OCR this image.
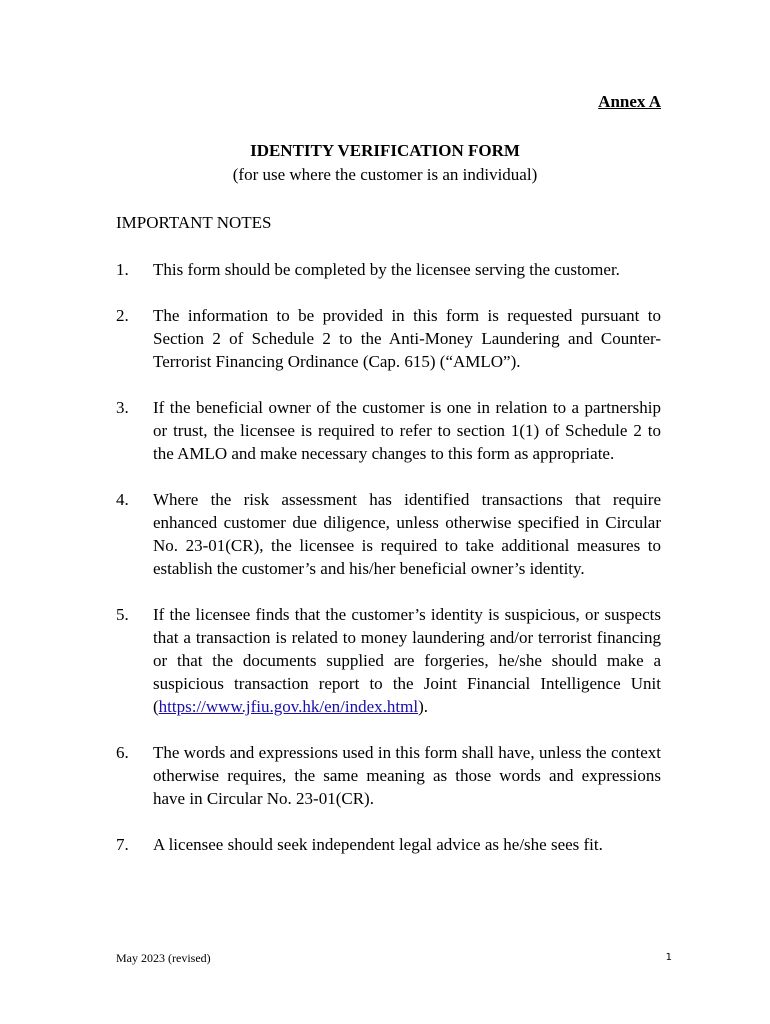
Annex A
IDENTITY VERIFICATION FORM
(for use where the customer is an individual)
IMPORTANT NOTES
1. This form should be completed by the licensee serving the customer.
2. The information to be provided in this form is requested pursuant to Section 2 of Schedule 2 to the Anti-Money Laundering and Counter-Terrorist Financing Ordinance (Cap. 615) (“AMLO”).
3. If the beneficial owner of the customer is one in relation to a partnership or trust, the licensee is required to refer to section 1(1) of Schedule 2 to the AMLO and make necessary changes to this form as appropriate.
4. Where the risk assessment has identified transactions that require enhanced customer due diligence, unless otherwise specified in Circular No. 23-01(CR), the licensee is required to take additional measures to establish the customer’s and his/her beneficial owner’s identity.
5. If the licensee finds that the customer’s identity is suspicious, or suspects that a transaction is related to money laundering and/or terrorist financing or that the documents supplied are forgeries, he/she should make a suspicious transaction report to the Joint Financial Intelligence Unit (https://www.jfiu.gov.hk/en/index.html).
6. The words and expressions used in this form shall have, unless the context otherwise requires, the same meaning as those words and expressions have in Circular No. 23-01(CR).
7. A licensee should seek independent legal advice as he/she sees fit.
May 2023 (revised)	1
